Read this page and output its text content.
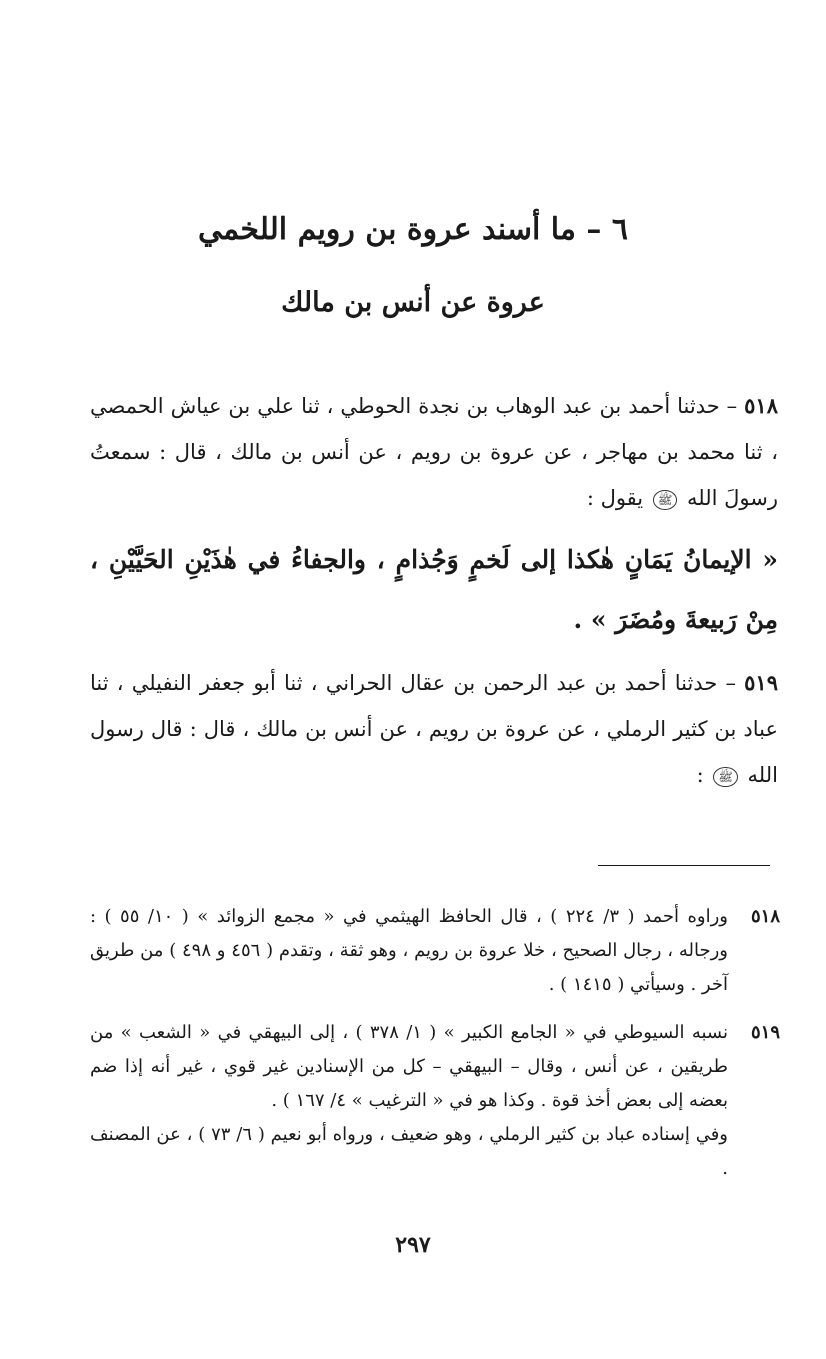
٦ – ما أسند عروة بن رويم اللخمي
عروة عن أنس بن مالك
٥١٨ – حدثنا أحمد بن عبد الوهاب بن نجدة الحوطي ، ثنا علي بن عياش الحمصي ، ثنا محمد بن مهاجر ، عن عروة بن رويم ، عن أنس بن مالك ، قال : سمعتُ رسولَ الله ﷺ يقول :
« الإيمانُ يَمَانٍ هٰكذا إلى لَخمٍ وَجُذامٍ ، والجفاءُ في هٰذَيْنِ الحَيَّيْنِ ، مِنْ رَبيعةَ ومُضَرَ » .
٥١٩ – حدثنا أحمد بن عبد الرحمن بن عقال الحراني ، ثنا أبو جعفر النفيلي ، ثنا عباد بن كثير الرملي ، عن عروة بن رويم ، عن أنس بن مالك ، قال : قال رسول الله ﷺ :
٥١٨

وراوه أحمد ( ٣/ ٢٢٤ ) ، قال الحافظ الهيثمي في « مجمع الزوائد » ( ١٠/ ٥٥ ) : ورجاله ، رجال الصحيح ، خلا عروة بن رويم ، وهو ثقة ، وتقدم ( ٤٥٦ و ٤٩٨ ) من طريق آخر . وسيأتي ( ١٤١٥ ) .

٥١٩

نسبه السيوطي في « الجامع الكبير » ( ١/ ٣٧٨ ) ، إلى البيهقي في « الشعب » من طريقين ، عن أنس ، وقال – البيهقي – كل من الإسنادين غير قوي ، غير أنه إذا ضم بعضه إلى بعض أخذ قوة . وكذا هو في « الترغيب » ٤/ ١٦٧ ) .

وفي إسناده عباد بن كثير الرملي ، وهو ضعيف ، ورواه أبو نعيم ( ٦/ ٧٣ ) ، عن المصنف .

٢٩٧
